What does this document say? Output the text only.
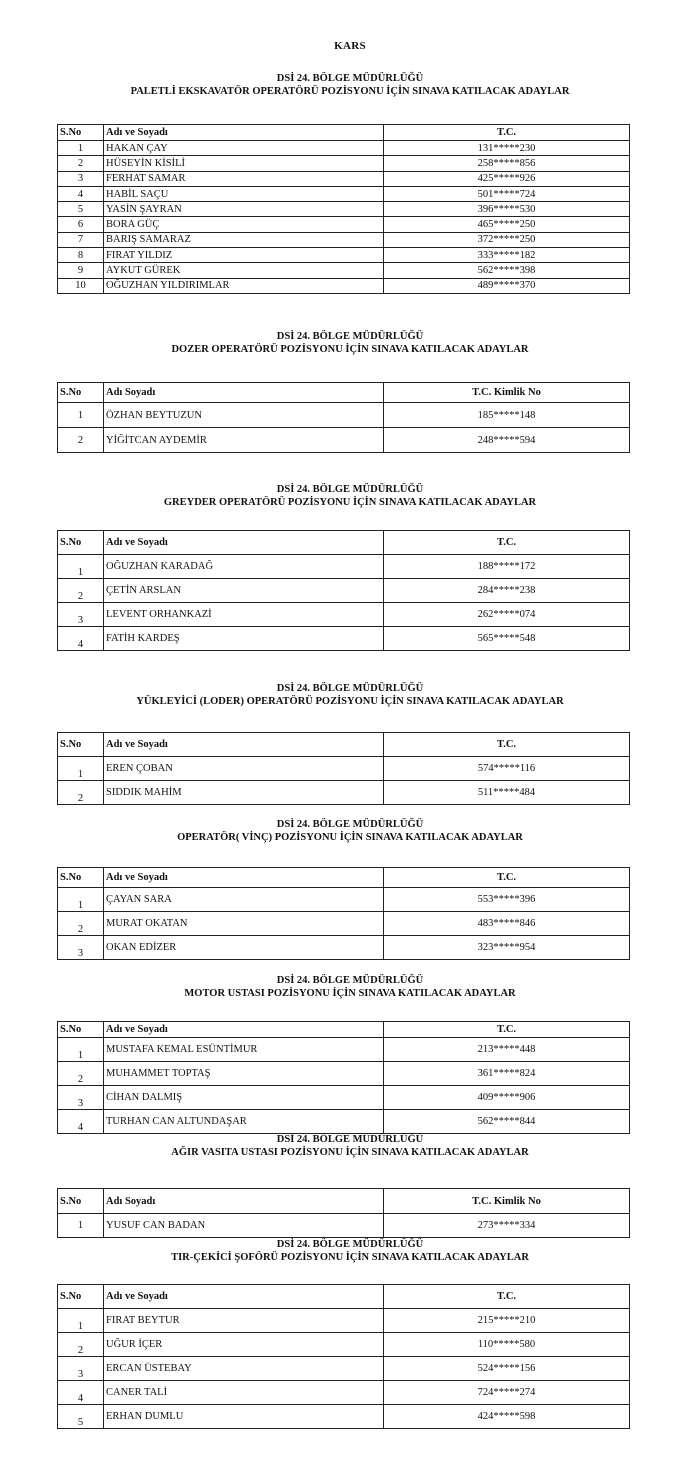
KARS
DSİ 24. BÖLGE MÜDÜRLÜĞÜ
PALETLİ EKSKAVATÖR OPERATÖRÜ POZİSYONU İÇİN SINAVA KATILACAK ADAYLAR
S.No	Adı ve Soyadı	T.C.
1	HAKAN ÇAY	131*****230
2	HÜSEYİN KİSİLİ	258*****856
3	FERHAT SAMAR	425*****926
4	HABİL SAÇU	501*****724
5	YASİN ŞAYRAN	396*****530
6	BORA GÜÇ	465*****250
7	BARIŞ SAMARAZ	372*****250
8	FIRAT YILDIZ	333*****182
9	AYKUT GÜREK	562*****398
10	OĞUZHAN YILDIRIMLAR	489*****370
DSİ 24. BÖLGE MÜDÜRLÜĞÜ
DOZER OPERATÖRÜ POZİSYONU İÇİN SINAVA KATILACAK ADAYLAR
S.No	Adı Soyadı	T.C. Kimlik No
1	ÖZHAN BEYTUZUN	185*****148
2	YİĞİTCAN AYDEMİR	248*****594
DSİ 24. BÖLGE MÜDÜRLÜĞÜ
GREYDER OPERATÖRÜ POZİSYONU İÇİN SINAVA KATILACAK ADAYLAR
S.No	Adı ve Soyadı	T.C.
1	OĞUZHAN KARADAĞ	188*****172
2	ÇETİN ARSLAN	284*****238
3	LEVENT ORHANKAZİ	262*****074
4	FATİH KARDEŞ	565*****548
DSİ 24. BÖLGE MÜDÜRLÜĞÜ
YÜKLEYİCİ (LODER) OPERATÖRÜ POZİSYONU İÇİN SINAVA KATILACAK ADAYLAR
S.No	Adı ve Soyadı	T.C.
1	EREN ÇOBAN	574*****116
2	SIDDIK MAHİM	511*****484
DSİ 24. BÖLGE MÜDÜRLÜĞÜ
OPERATÖR( VİNÇ) POZİSYONU İÇİN SINAVA KATILACAK ADAYLAR
S.No	Adı ve Soyadı	T.C.
1	ÇAYAN SARA	553*****396
2	MURAT OKATAN	483*****846
3	OKAN EDİZER	323*****954
DSİ 24. BÖLGE MÜDÜRLÜĞÜ
MOTOR USTASI POZİSYONU İÇİN SINAVA KATILACAK ADAYLAR
S.No	Adı ve Soyadı	T.C.
1	MUSTAFA KEMAL ESÜNTİMUR	213*****448
2	MUHAMMET TOPTAŞ	361*****824
3	CİHAN DALMIŞ	409*****906
4	TURHAN CAN ALTUNDAŞAR	562*****844
DSİ 24. BÖLGE MÜDÜRLÜĞÜ
AĞIR VASITA USTASI POZİSYONU İÇİN SINAVA KATILACAK ADAYLAR
S.No	Adı Soyadı	T.C. Kimlik No
1	YUSUF CAN BADAN	273*****334
DSİ 24. BÖLGE MÜDÜRLÜĞÜ
TIR-ÇEKİCİ ŞOFÖRÜ POZİSYONU İÇİN SINAVA KATILACAK ADAYLAR
S.No	Adı ve Soyadı	T.C.
1	FIRAT BEYTUR	215*****210
2	UĞUR İÇER	110*****580
3	ERCAN ÜSTEBAY	524*****156
4	CANER TALİ	724*****274
5	ERHAN DUMLU	424*****598
